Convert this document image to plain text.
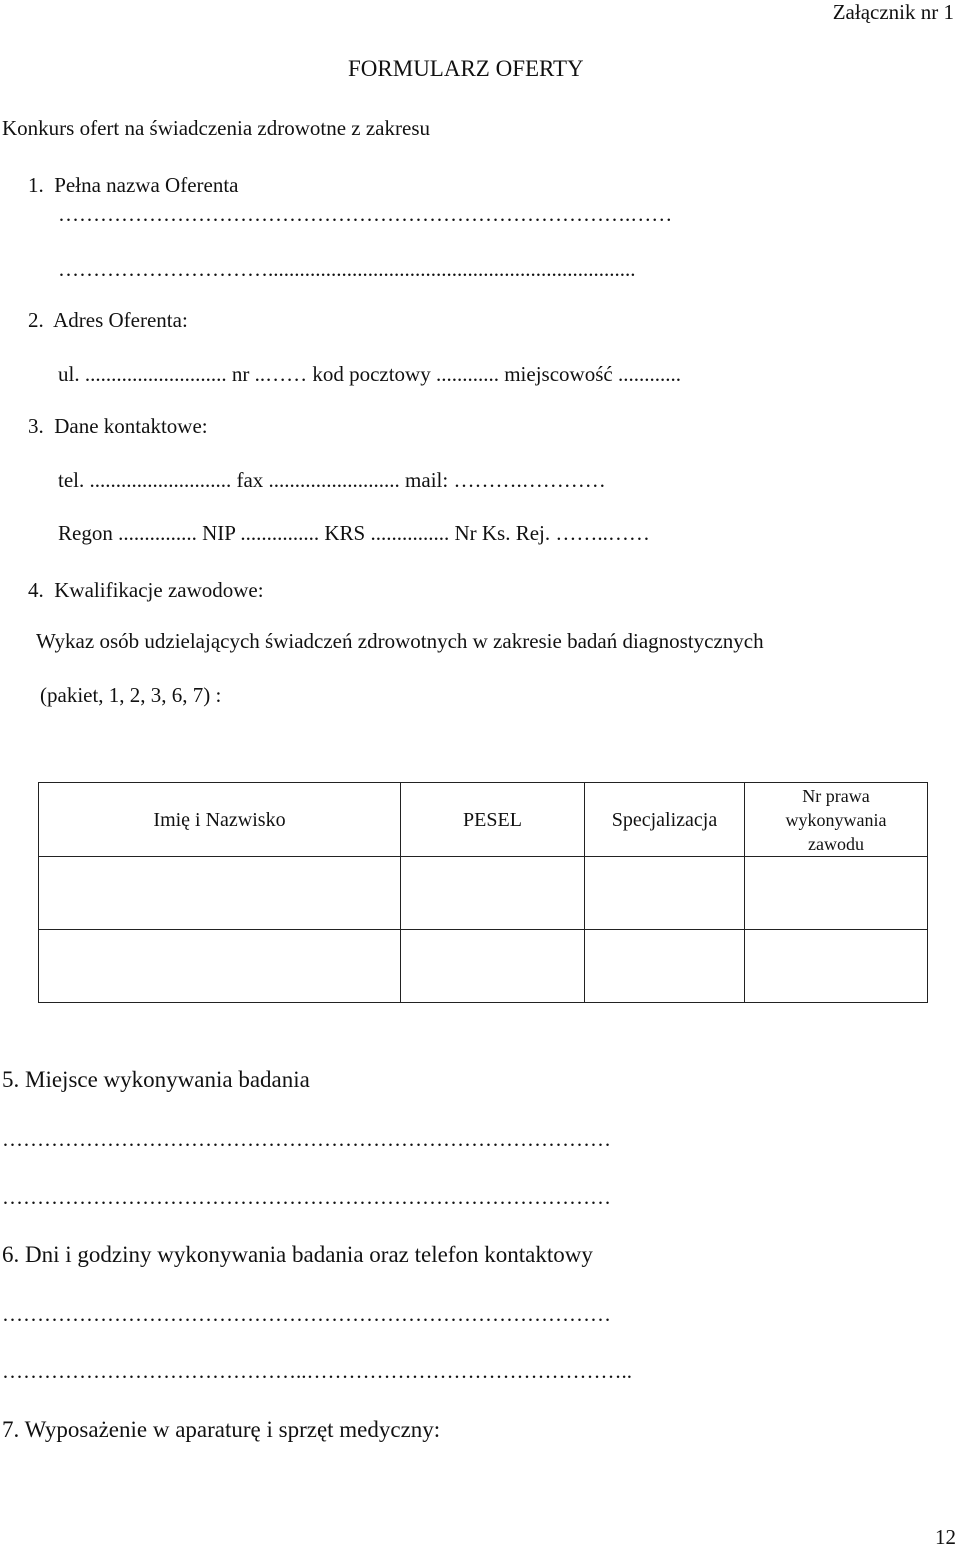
Załącznik nr 1
FORMULARZ OFERTY
Konkurs ofert na świadczenia zdrowotne z zakresu
1.  Pełna nazwa Oferenta
……………………………………………………………………….……
…………………………......................................................................
2.  Adres Oferenta:
ul. ........................... nr ..…… kod pocztowy ............ miejscowość ............
3.  Dane kontaktowe:
tel. ........................... fax ......................... mail: ……….…………
Regon ............... NIP ............... KRS ............... Nr Ks. Rej. ……..……
4.  Kwalifikacje zawodowe:
Wykaz osób udzielających świadczeń zdrowotnych w zakresie badań diagnostycznych
(pakiet, 1, 2, 3, 6, 7) :
Imię i Nazwisko	PESEL	Specjalizacja	Nr prawa wykonywania zawodu

5. Miejsce wykonywania badania
……………………………………………………………………………
……………………………………………………………………………
6. Dni i godziny wykonywania badania oraz telefon kontaktowy
……………………………………………………………………………
……………………………………..………………………………………..
7. Wyposażenie w aparaturę i sprzęt medyczny:
12
